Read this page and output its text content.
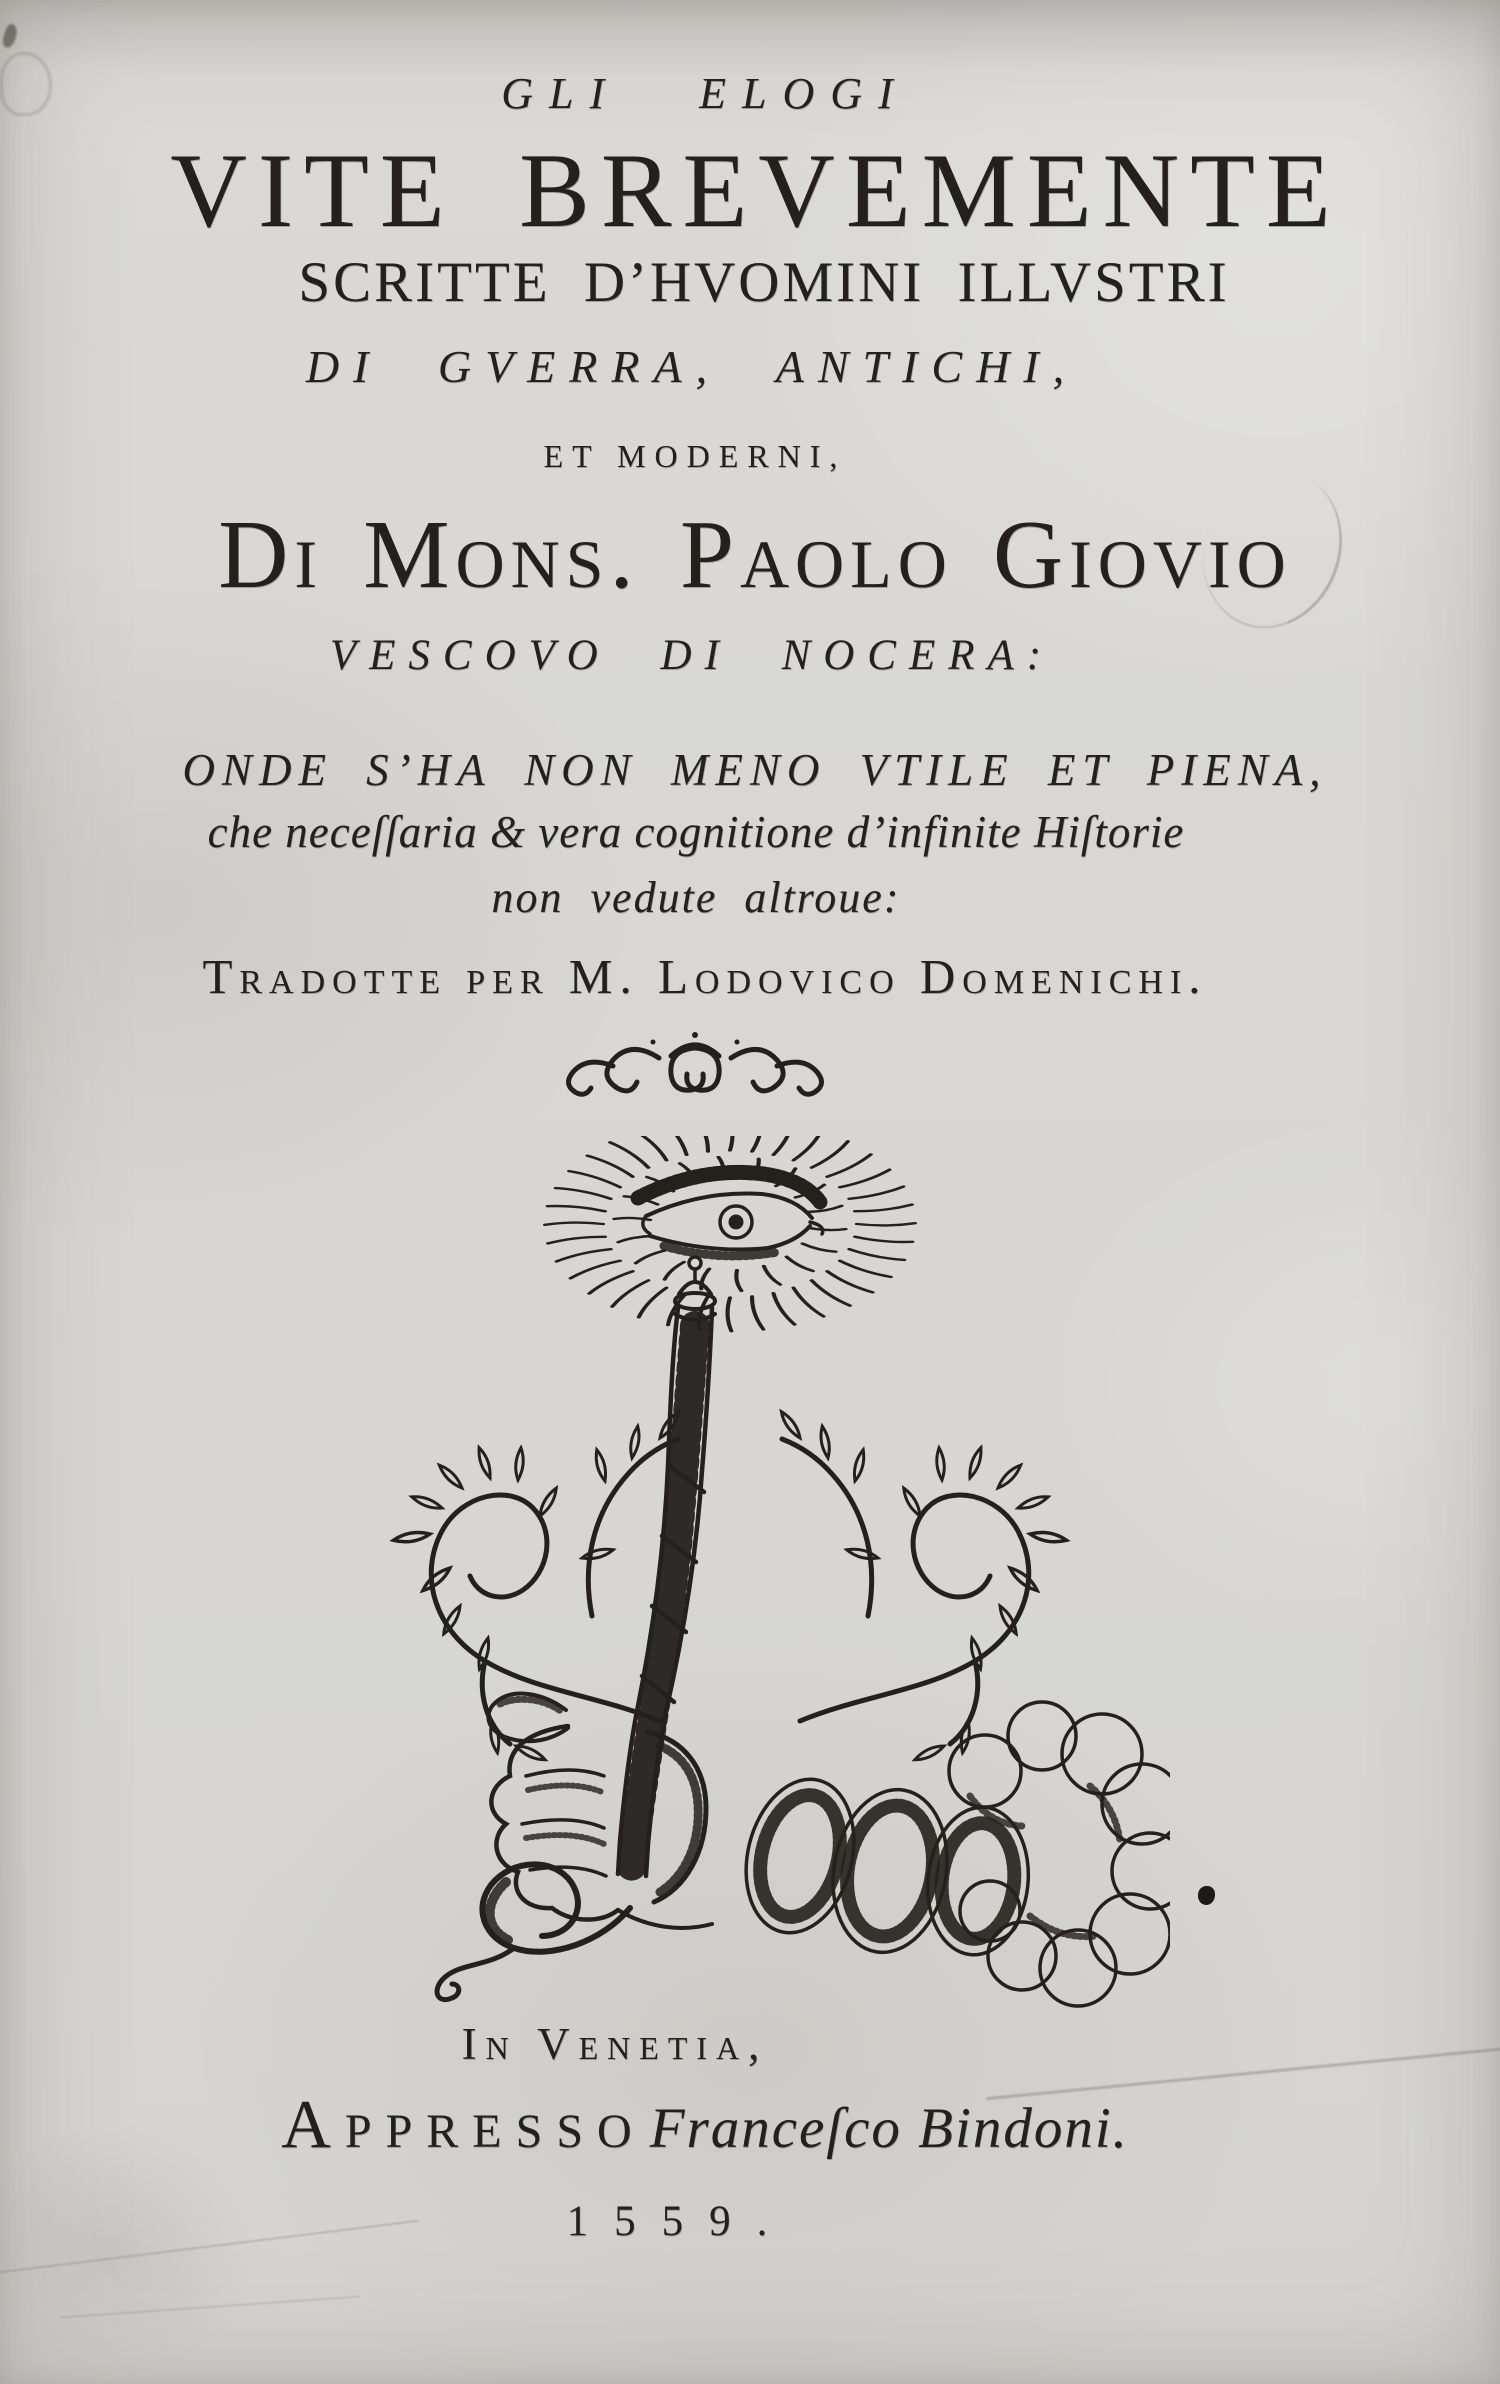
GLI ELOGI
VITE BREVEMENTE
SCRITTE D’HVOMINI ILLVSTRI
DI GVERRA, ANTICHI,
ET MODERNI,
Di Mons. Paolo Giovio
VESCOVO DI NOCERA:
ONDE S’HA NON MENO VTILE ET PIENA,
che neceſſaria & vera cognitione d’infinite Hiſtorie
non vedute altroue:
Tradotte per M. Lodovico Domenichi.
In Venetia,
Appresso Franceſco Bindoni.
1559.
